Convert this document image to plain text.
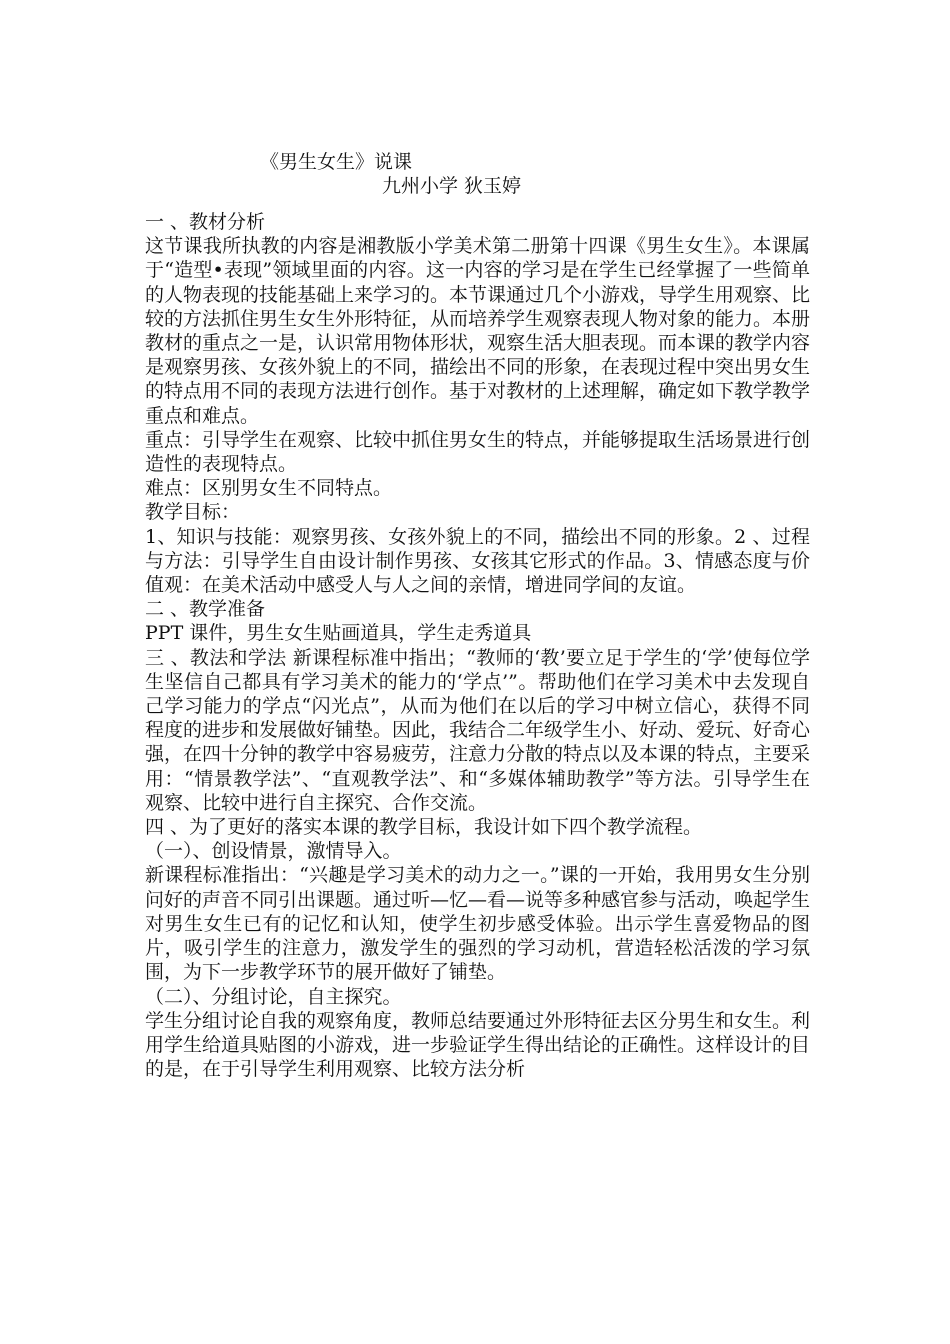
《男生女生》说课
九州小学 狄玉婷

一 、教材分析

这节课我所执教的内容是湘教版小学美术第二册第十四课《男生女生》。本课属于“造型•表现”领域里面的内容。这一内容的学习是在学生已经掌握了一些简单的人物表现的技能基础上来学习的。本节课通过几个小游戏，导学生用观察、比较的方法抓住男生女生外形特征，从而培养学生观察表现人物对象的能力。本册教材的重点之一是，认识常用物体形状，观察生活大胆表现。而本课的教学内容是观察男孩、女孩外貌上的不同，描绘出不同的形象，在表现过程中突出男女生的特点用不同的表现方法进行创作。基于对教材的上述理解，确定如下教学教学重点和难点。

重点：引导学生在观察、比较中抓住男女生的特点，并能够提取生活场景进行创造性的表现特点。

难点：区别男女生不同特点。

教学目标：

1、知识与技能：观察男孩、女孩外貌上的不同，描绘出不同的形象。2 、过程与方法：引导学生自由设计制作男孩、女孩其它形式的作品。3、情感态度与价值观：在美术活动中感受人与人之间的亲情，增进同学间的友谊。

二 、教学准备

PPT 课件，男生女生贴画道具，学生走秀道具

三 、教法和学法 新课程标准中指出；“教师的‘教’要立足于学生的‘学’使每位学生坚信自己都具有学习美术的能力的‘学点’”。帮助他们在学习美术中去发现自己学习能力的学点“闪光点”，从而为他们在以后的学习中树立信心，获得不同程度的进步和发展做好铺垫。因此，我结合二年级学生小、好动、爱玩、好奇心强，在四十分钟的教学中容易疲劳，注意力分散的特点以及本课的特点，主要采用：“情景教学法”、“直观教学法”、和“多媒体辅助教学”等方法。引导学生在观察、比较中进行自主探究、合作交流。

四 、为了更好的落实本课的教学目标，我设计如下四个教学流程。

（一）、创设情景，激情导入。

新课程标准指出：“兴趣是学习美术的动力之一。”课的一开始，我用男女生分别问好的声音不同引出课题。通过听—忆—看—说等多种感官参与活动，唤起学生对男生女生已有的记忆和认知，使学生初步感受体验。出示学生喜爱物品的图片，吸引学生的注意力，激发学生的强烈的学习动机，营造轻松活泼的学习氛围，为下一步教学环节的展开做好了铺垫。

（二）、分组讨论，自主探究。

学生分组讨论自我的观察角度，教师总结要通过外形特征去区分男生和女生。利用学生给道具贴图的小游戏，进一步验证学生得出结论的正确性。这样设计的目的是，在于引导学生利用观察、比较方法分析
